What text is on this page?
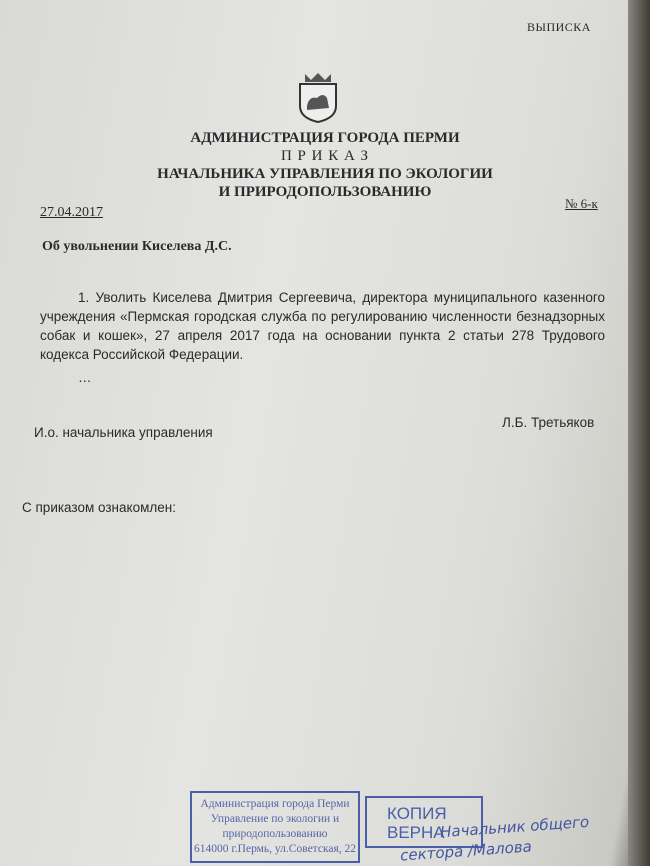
ВЫПИСКА
АДМИНИСТРАЦИЯ ГОРОДА ПЕРМИ
П Р И К А З
НАЧАЛЬНИКА УПРАВЛЕНИЯ ПО ЭКОЛОГИИ
И ПРИРОДОПОЛЬЗОВАНИЮ
27.04.2017
№ 6-к
Об увольнении Киселева Д.С.
1. Уволить Киселева Дмитрия Сергеевича, директора муниципального казенного учреждения «Пермская городская служба по регулированию численности безнадзорных собак и кошек», 27 апреля 2017 года на основании пункта 2 статьи 278 Трудового кодекса Российской Федерации.
…
И.о. начальника управления
Л.Б. Третьяков
С приказом ознакомлен:
Администрация города Перми
Управление по экологии и
природопользованию
614000 г.Пермь, ул.Советская, 22
КОПИЯ
ВЕРНА
Начальник общего
сектора /Малова
